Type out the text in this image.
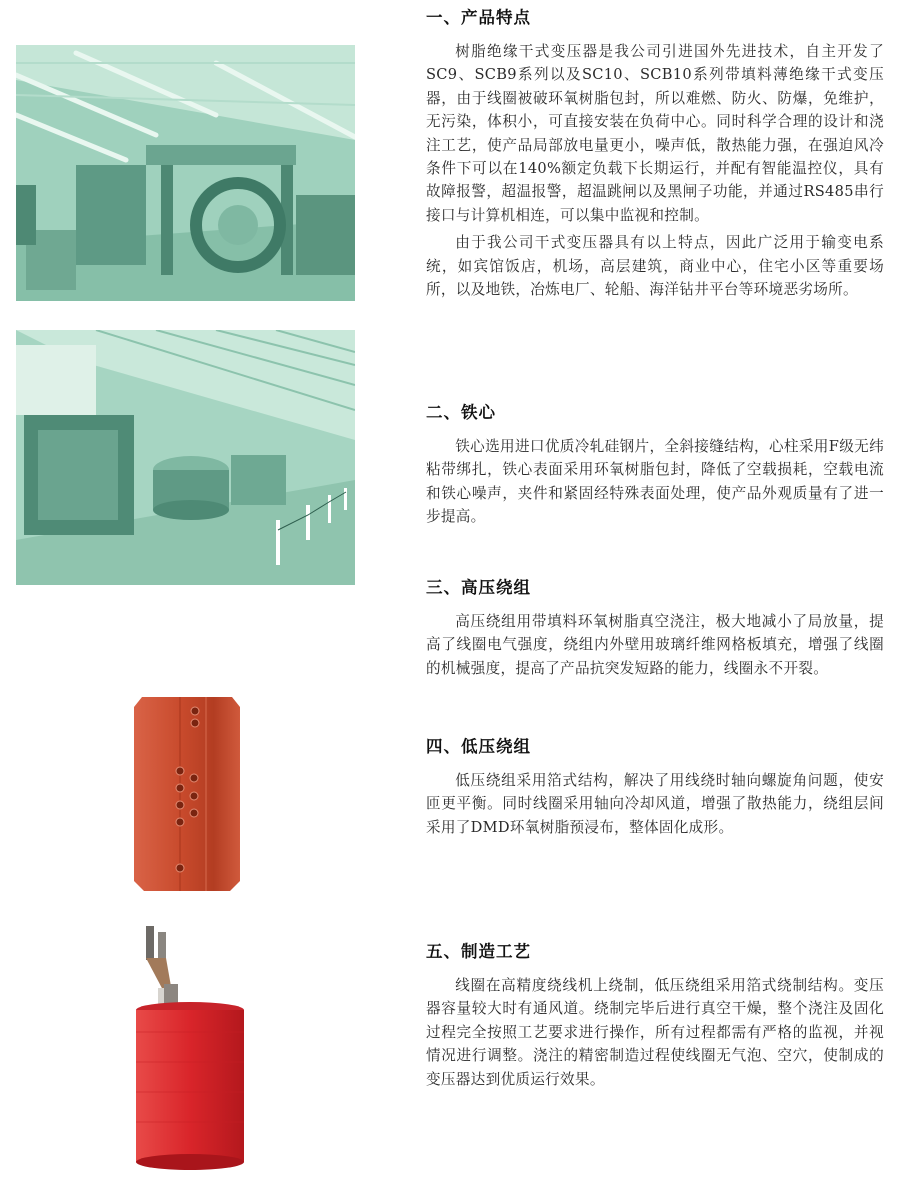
一、产品特点

树脂绝缘干式变压器是我公司引进国外先进技术，自主开发了SC9、SCB9系列以及SC10、SCB10系列带填料薄绝缘干式变压器，由于线圈被破环氧树脂包封，所以难燃、防火、防爆，免维护，无污染，体积小，可直接安装在负荷中心。同时科学合理的设计和浇注工艺，使产品局部放电量更小，噪声低，散热能力强，在强迫风冷条件下可以在140%额定负载下长期运行，并配有智能温控仪，具有故障报警，超温报警，超温跳闸以及黑闸子功能，并通过RS485串行接口与计算机相连，可以集中监视和控制。

由于我公司干式变压器具有以上特点，因此广泛用于输变电系统，如宾馆饭店，机场，高层建筑，商业中心，住宅小区等重要场所，以及地铁，冶炼电厂、轮船、海洋钻井平台等环境恶劣场所。

二、铁心

铁心选用进口优质冷轧硅钢片，全斜接缝结构，心柱采用F级无纬粘带绑扎，铁心表面采用环氧树脂包封，降低了空载损耗，空载电流和铁心噪声，夹件和紧固经特殊表面处理，使产品外观质量有了进一步提高。

三、高压绕组

高压绕组用带填料环氧树脂真空浇注，极大地减小了局放量，提高了线圈电气强度，绕组内外壁用玻璃纤维网格板填充，增强了线圈的机械强度，提高了产品抗突发短路的能力，线圈永不开裂。

四、低压绕组

低压绕组采用箔式结构，解决了用线绕时轴向螺旋角问题，使安匝更平衡。同时线圈采用轴向冷却风道，增强了散热能力，绕组层间采用了DMD环氧树脂预浸布，整体固化成形。

五、制造工艺

线圈在高精度绕线机上绕制，低压绕组采用箔式绕制结构。变压器容量较大时有通风道。绕制完毕后进行真空干燥，整个浇注及固化过程完全按照工艺要求进行操作，所有过程都需有严格的监视，并视情况进行调整。浇注的精密制造过程使线圈无气泡、空穴，使制成的变压器达到优质运行效果。
